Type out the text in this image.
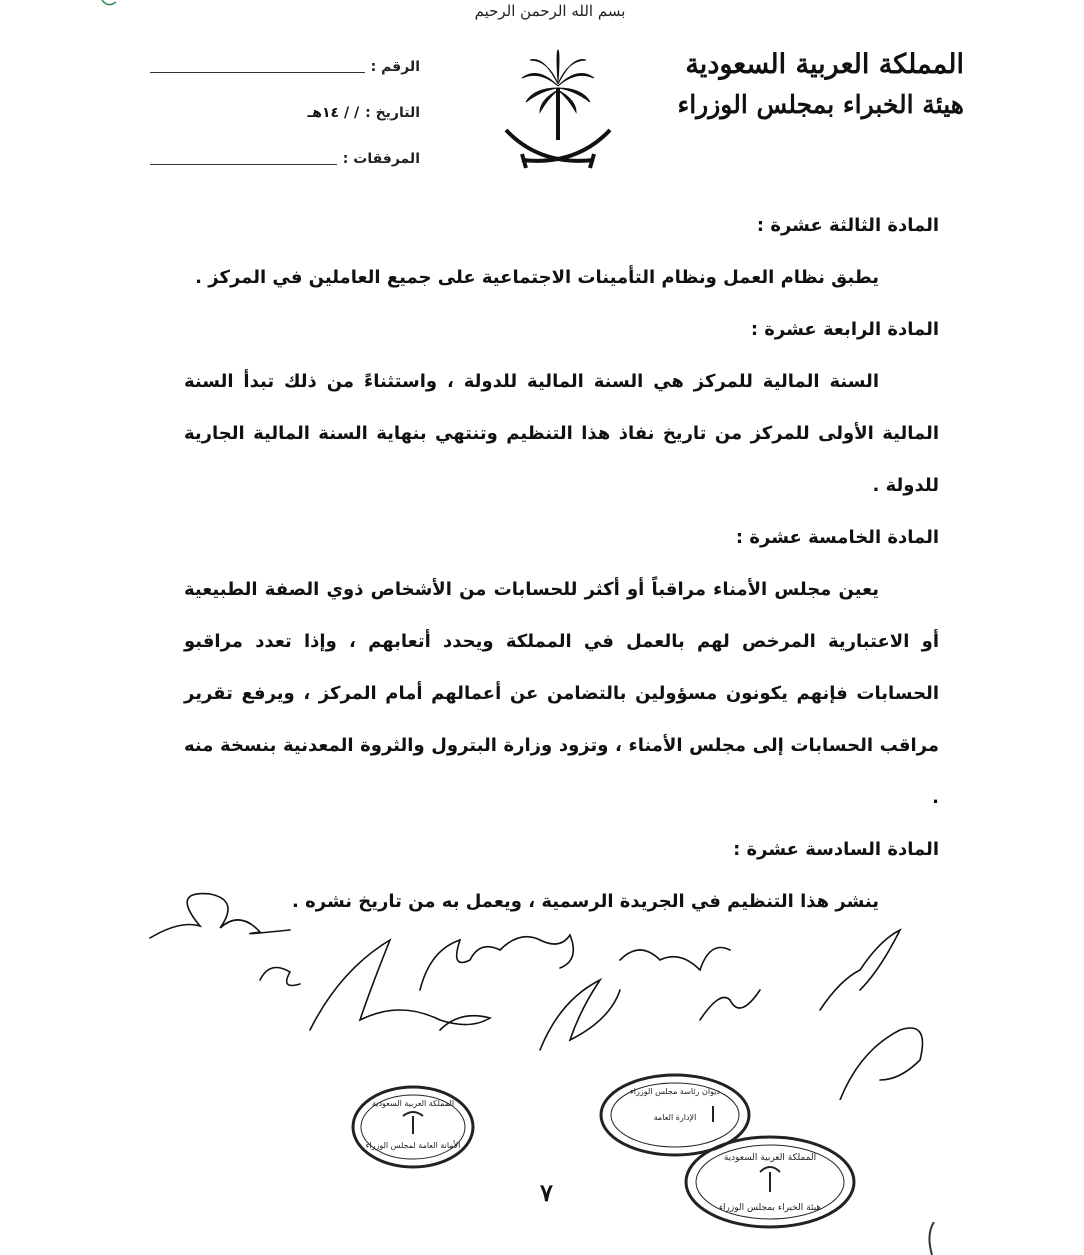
بسم الله الرحمن الرحيم
المملكة العربية السعودية
هيئة الخبراء بمجلس الوزراء
الرقم :
التاريخ :
/ / ١٤هـ
المرفقات :
المادة الثالثة عشرة :
يطبق نظام العمل ونظام التأمينات الاجتماعية على جميع العاملين في المركز .
المادة الرابعة عشرة :
السنة المالية للمركز هي السنة المالية للدولة ، واستثناءً من ذلك تبدأ السنة المالية الأولى للمركز من تاريخ نفاذ هذا التنظيم وتنتهي بنهاية السنة المالية الجارية للدولة .
المادة الخامسة عشرة :
يعين مجلس الأمناء مراقباً أو أكثر للحسابات من الأشخاص ذوي الصفة الطبيعية أو الاعتبارية المرخص لهم بالعمل في المملكة ويحدد أتعابهم ، وإذا تعدد مراقبو الحسابات فإنهم يكونون مسؤولين بالتضامن عن أعمالهم أمام المركز ، ويرفع تقرير مراقب الحسابات إلى مجلس الأمناء ، وتزود وزارة البترول والثروة المعدنية بنسخة منه .
المادة السادسة عشرة :
ينشر هذا التنظيم في الجريدة الرسمية ، ويعمل به من تاريخ نشره .
المملكة العربية السعودية
الأمانة العامة لمجلس الوزراء
ديوان رئاسة مجلس الوزراء
الإدارة العامة
المملكة العربية السعودية
هيئة الخبراء بمجلس الوزراء
٧
